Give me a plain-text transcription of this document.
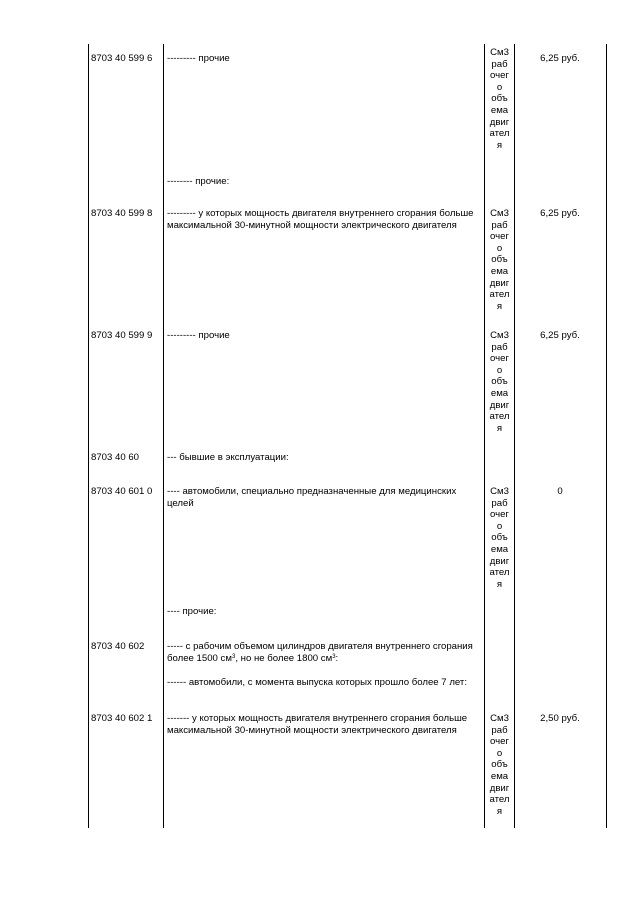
8703 40 599 6 --------- прочие
См3
раб
очег
о
объ
ема
двиг
ател
я
6,25 руб.
-------- прочие:
8703 40 599 8 --------- у которых мощность двигателя внутреннего сгорания больше максимальной 30-минутной мощности электрического двигателя
См3
раб
очег
о
объ
ема
двиг
ател
я
6,25 руб.
8703 40 599 9 --------- прочие	См3
раб
очег
о
объ
ема
двиг
ател
я
6,25 руб.
8703 40 60	--- бывшие в эксплуатации:
8703 40 601 0 ---- автомобили, специально предназначенные для медицинских целей
См3
раб
очег
о
объ
ема
двиг
ател
я
0
---- прочие:
8703 40 602 ----- с рабочим объемом цилиндров двигателя внутреннего сгорания более 1500 $см^3$, но не более 1800 $см^3$:
------ автомобили, с момента выпуска которых прошло более 7 лет:
8703 40 602 1 ------- у которых мощность двигателя внутреннего сгорания больше максимальной 30-минутной мощности электрического двигателя
См3
раб
очег
о
объ
ема
двиг
ател
я
2,50 руб.
